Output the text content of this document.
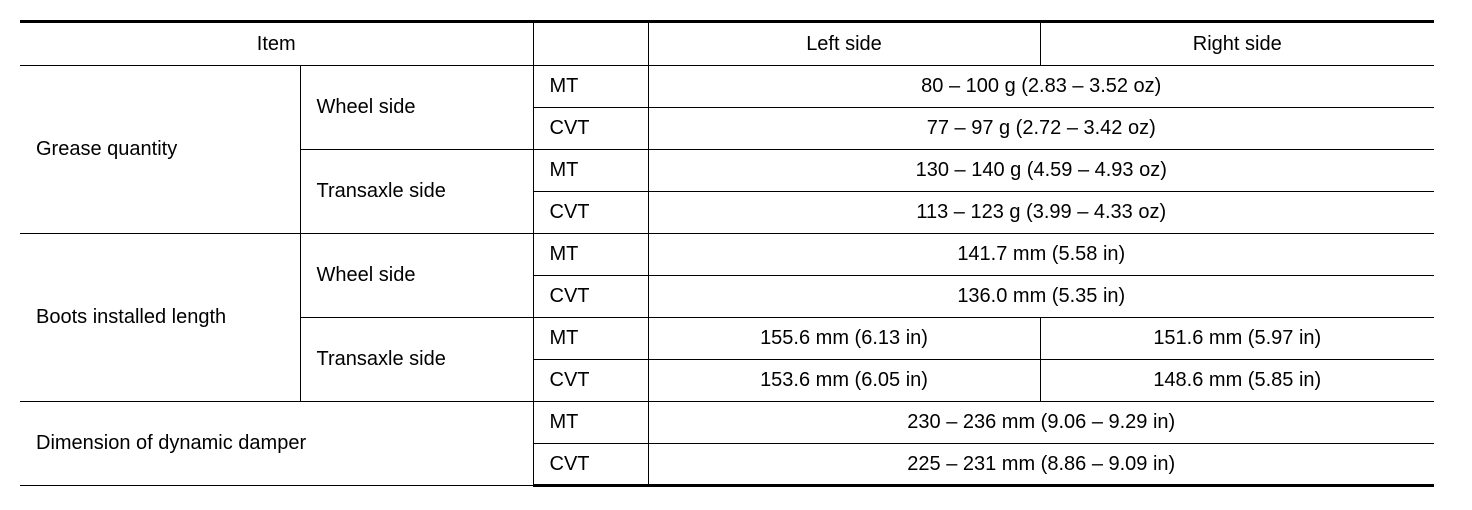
Item			Left side	Right side
Grease quantity	Wheel side	MT	80 – 100 g (2.83 – 3.52 oz)	
		CVT	77 – 97 g (2.72 – 3.42 oz)	
	Transaxle side	MT	130 – 140 g (4.59 – 4.93 oz)	
		CVT	113 – 123 g (3.99 – 4.33 oz)	
Boots installed length	Wheel side	MT	141.7 mm (5.58 in)	
		CVT	136.0 mm (5.35 in)	
	Transaxle side	MT	155.6 mm (6.13 in)	151.6 mm (5.97 in)
		CVT	153.6 mm (6.05 in)	148.6 mm (5.85 in)
Dimension of dynamic damper		MT	230 – 236 mm (9.06 – 9.29 in)	
		CVT	225 – 231 mm (8.86 – 9.09 in)	
